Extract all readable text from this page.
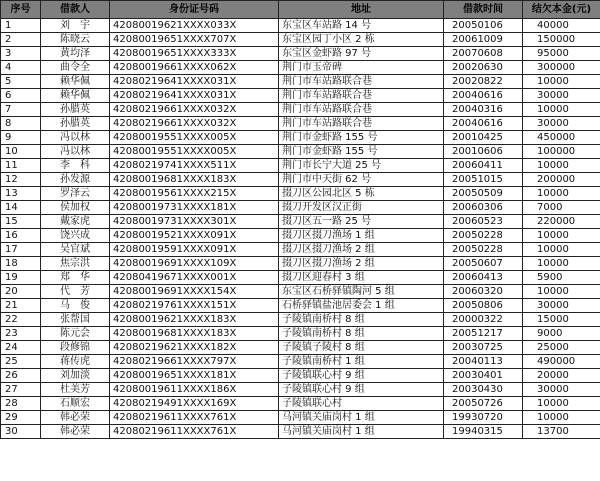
序号	借款人	身份证号码	地址	借款时间	结欠本金(元)
1	刘　宇	42080019621XXXX033X	东宝区车站路 14 号	20050106	40000
2	陈晓云	42080019651XXXX707X	东宝区园丁小区 2 栋	20061009	150000
3	黄均泽	42080019651XXXX333X	东宝区金虾路 97 号	20070608	95000
4	曲令全	42080019661XXXX062X	荆门市玉帝碑	20020630	300000
5	赖华佩	42080219641XXXX031X	荆门市车站路联合巷	20020822	10000
6	赖华佩	42080219641XXXX031X	荆门市车站路联合巷	20040616	30000
7	孙腊英	42080219661XXXX032X	荆门市车站路联合巷	20040316	10000
8	孙腊英	42080219661XXXX032X	荆门市车站路联合巷	20040616	30000
9	冯以林	42080019551XXXX005X	荆门市金虾路 155 号	20010425	450000
10	冯以林	42080019551XXXX005X	荆门市金虾路 155 号	20010606	100000
11	李　科	42080219741XXXX511X	荆门市长宁大道 25 号	20060411	10000
12	孙发源	42080019681XXXX183X	荆门市中天街 62 号	20051015	200000
13	罗泽云	42080019561XXXX215X	掇刀区公园北区 5 栋	20050509	10000
14	侯加权	42080019731XXXX181X	掇刀开发区汉正街	20060306	7000
15	戴家虎	42080019731XXXX301X	掇刀区五一路 25 号	20060523	220000
16	饶兴成	42080019521XXXX091X	掇刀区掇刀渔场 1 组	20050228	10000
17	吴官斌	42080019591XXXX091X	掇刀区掇刀渔场 2 组	20050228	10000
18	焦宗洪	42080019691XXXX109X	掇刀区掇刀渔场 2 组	20050607	10000
19	郑　华	42080419671XXXX001X	掇刀区迎春村 3 组	20060413	5900
20	代　芳	42080019691XXXX154X	东宝区石桥驿镇陶河 5 组	20060320	10000
21	马　俊	42080219761XXXX151X	石桥驿镇盐池居委会 1 组	20050806	30000
22	张帮国	42080019621XXXX183X	子陵镇南桥村 8 组	20000322	15000
23	陈元会	42080019681XXXX183X	子陵镇南桥村 8 组	20051217	9000
24	段修锦	42080219621XXXX182X	子陵镇子陵村 8 组	20030725	25000
25	蒋传虎	42080219661XXXX797X	子陵镇南桥村 1 组	20040113	490000
26	刘加淡	42080019651XXXX181X	子陵镇联心村 9 组	20030401	20000
27	杜美芳	42080019611XXXX186X	子陵镇联心村 9 组	20030430	30000
28	石顺宏	42080219491XXXX169X	子陵镇联心村	20050726	10000
29	韩必荣	42080219611XXXX761X	马河镇关庙岗村 1 组	19930720	10000
30	韩必荣	42080219611XXXX761X	马河镇关庙岗村 1 组	19940315	13700
